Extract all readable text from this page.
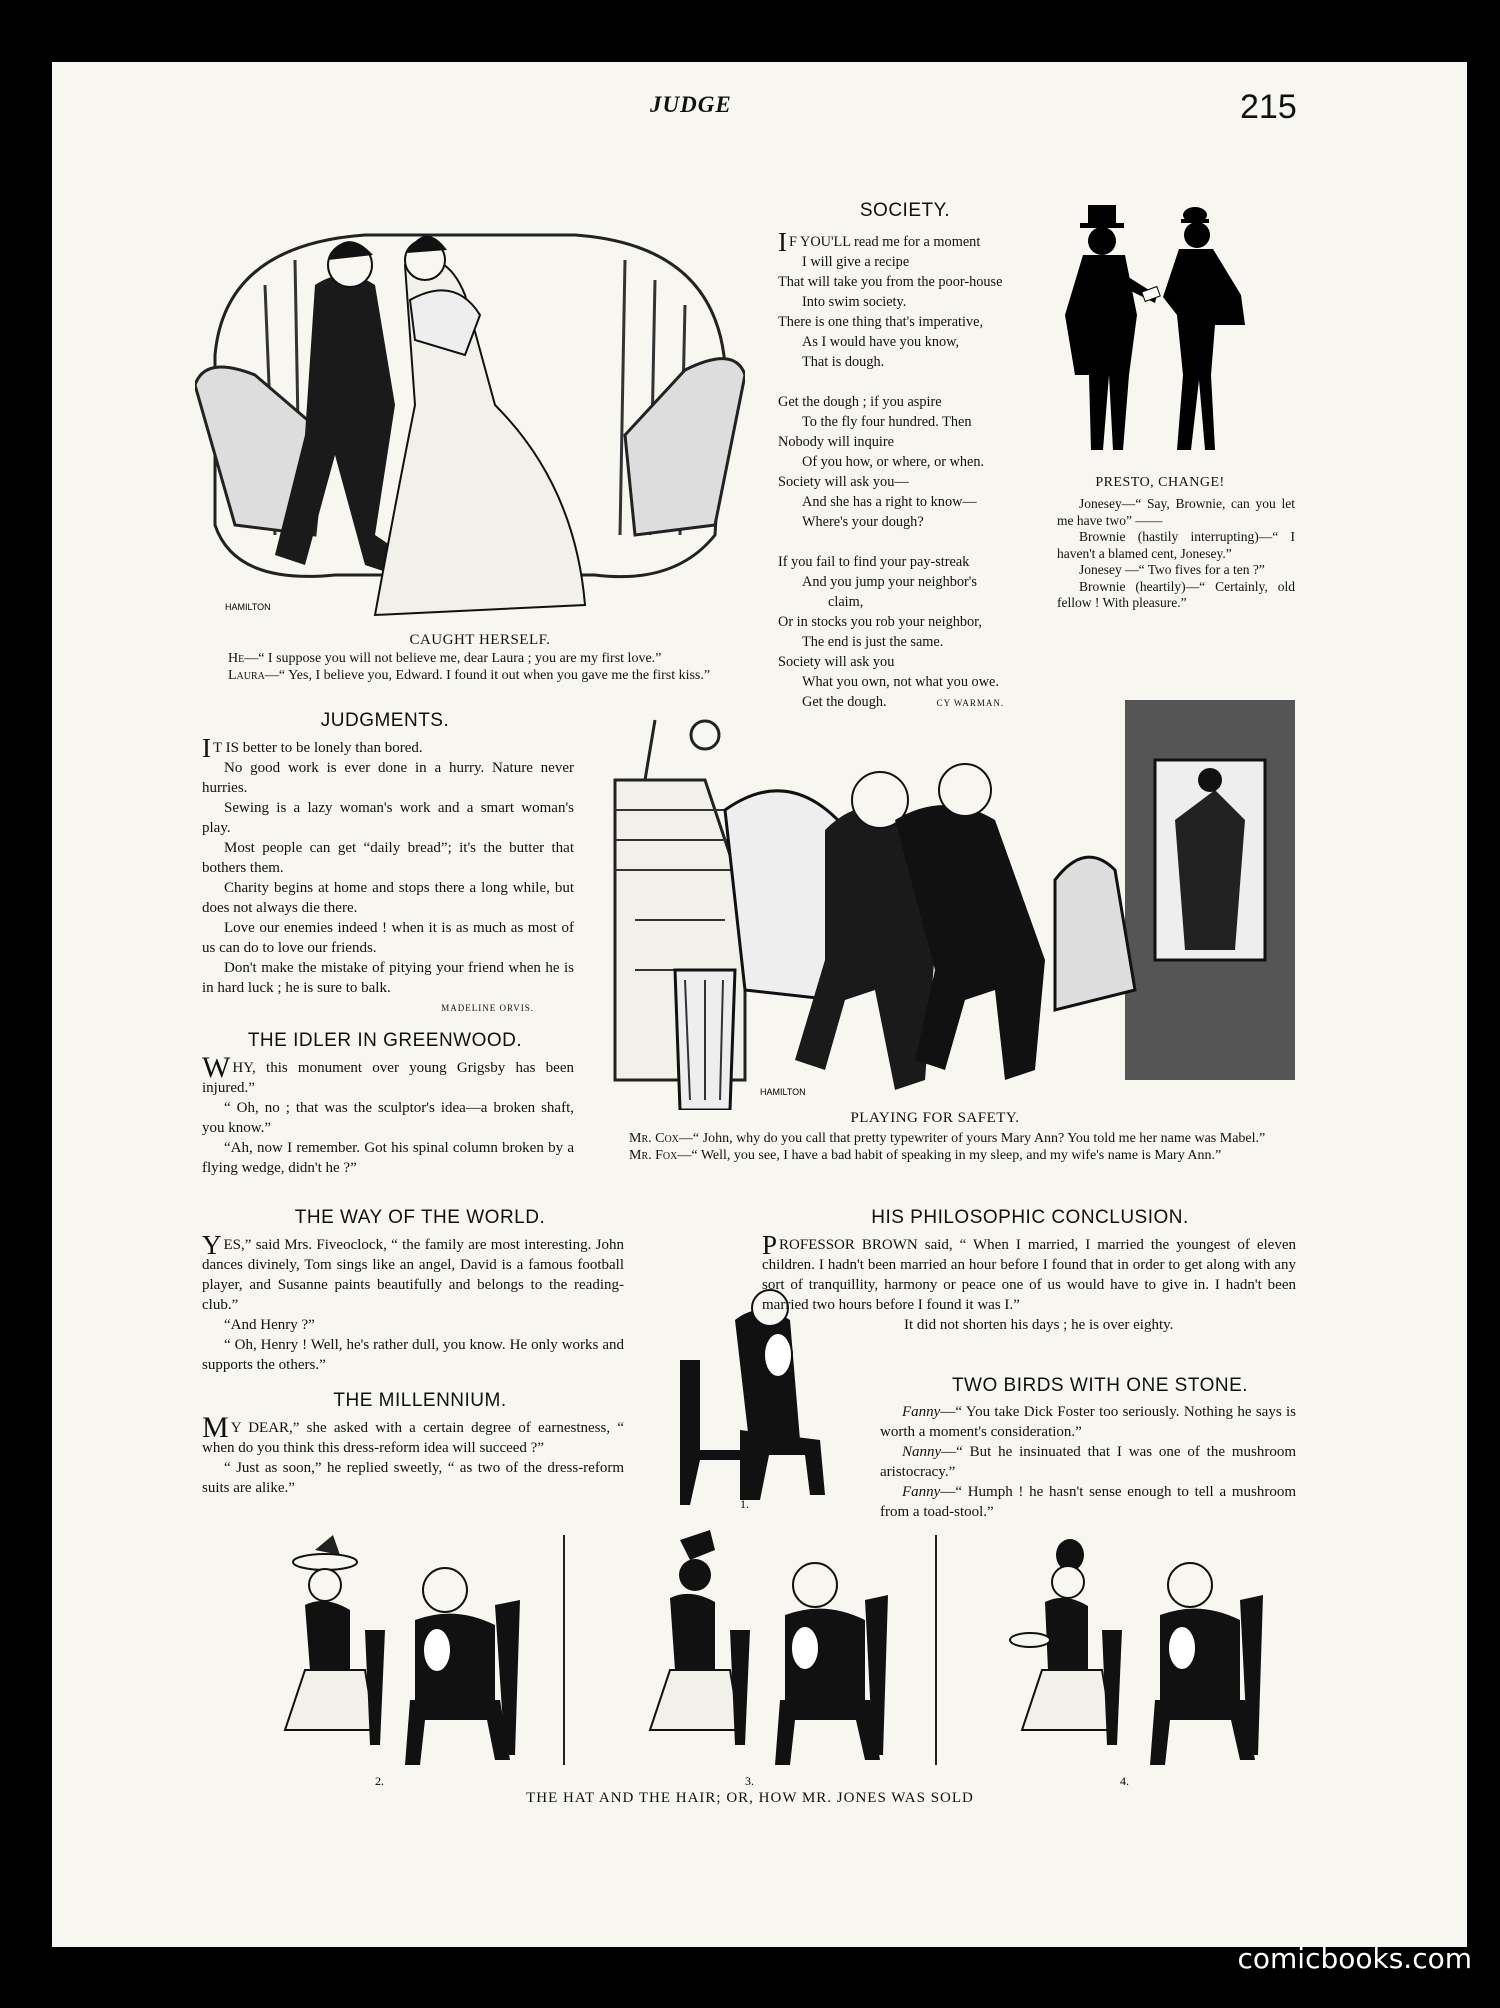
JUDGE	215
HAMILTON
CAUGHT HERSELF.

He—“ I suppose you will not believe me, dear Laura ; you are my first love.”

Laura—“ Yes, I believe you, Edward. I found it out when you gave me the first kiss.”

SOCIETY.
I F YOU'LL read me for a moment
I will give a recipe
That will take you from the poor-house
Into swim society.
There is one thing that's imperative,
As I would have you know,
That is dough.
Get the dough ; if you aspire
To the fly four hundred. Then
Nobody will inquire
Of you how, or where, or when.
Society will ask you—
And she has a right to know—
Where's your dough?
If you fail to find your pay-streak
And you jump your neighbor's
claim,
Or in stocks you rob your neighbor,
The end is just the same.
Society will ask you
What you own, not what you owe.
Get the dough.	CY WARMAN.
PRESTO, CHANGE!

Jonesey—“ Say, Brownie, can you let me have two” ——

Brownie (hastily interrupting)—“ I haven't a blamed cent, Jonesey.”

Jonesey —“ Two fives for a ten ?”

Brownie (heartily)—“ Certainly, old fellow ! With pleasure.”

JUDGMENTS.

I T IS better to be lonely than bored.

No good work is ever done in a hurry. Nature never hurries.

Sewing is a lazy woman's work and a smart woman's play.

Most people can get “daily bread”; it's the butter that bothers them.

Charity begins at home and stops there a long while, but does not always die there.

Love our enemies indeed ! when it is as much as most of us can do to love our friends.

Don't make the mistake of pitying your friend when he is in hard luck ; he is sure to balk.

MADELINE ORVIS.
THE IDLER IN GREENWOOD.

WHY, this monument over young Grigsby has been injured.”

“ Oh, no ; that was the sculptor's idea—a broken shaft, you know.”

“Ah, now I remember. Got his spinal column broken by a flying wedge, didn't he ?”

HAMILTON
PLAYING FOR SAFETY.

Mr. Cox—“ John, why do you call that pretty typewriter of yours Mary Ann? You told me her name was Mabel.”

Mr. Fox—“ Well, you see, I have a bad habit of speaking in my sleep, and my wife's name is Mary Ann.”

THE WAY OF THE WORLD.

YES,” said Mrs. Fiveoclock, “ the family are most interesting. John dances divinely, Tom sings like an angel, David is a famous football player, and Susanne paints beautifully and belongs to the reading-club.”

“And Henry ?”

“ Oh, Henry ! Well, he's rather dull, you know. He only works and supports the others.”

THE MILLENNIUM.

M Y DEAR,” she asked with a certain degree of earnestness, “ when do you think this dress-reform idea will succeed ?”

“ Just as soon,” he replied sweetly, “ as two of the dress-reform suits are alike.”

1.
HIS PHILOSOPHIC CONCLUSION.

PROFESSOR BROWN said, “ When I married, I married the youngest of eleven children. I hadn't been married an hour before I found that in order to get along with any sort of tranquillity, harmony or peace one of us would have to give in. I hadn't been married two hours before I found it was I.”

It did not shorten his days ; he is over eighty.

TWO BIRDS WITH ONE STONE.

Fanny—“ You take Dick Foster too seriously. Nothing he says is worth a moment's consideration.”

Nanny—“ But he insinuated that I was one of the mushroom aristocracy.”

Fanny—“ Humph ! he hasn't sense enough to tell a mushroom from a toad-stool.”

2.	3.	4.
THE HAT AND THE HAIR; OR, HOW MR. JONES WAS SOLD
comicbooks.com
